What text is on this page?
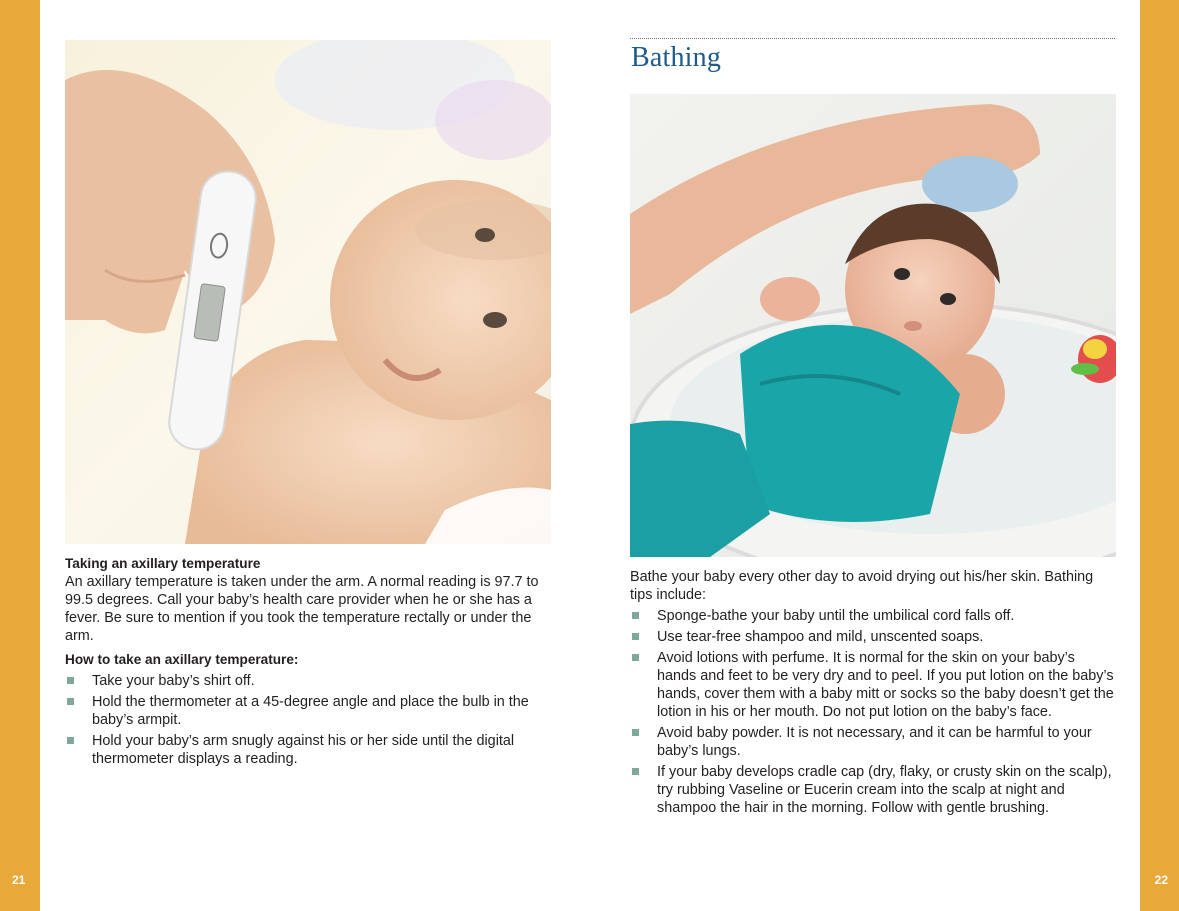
21	22

Taking an axillary temperature

An axillary temperature is taken under the arm. A normal reading is 97.7 to 99.5 degrees. Call your baby’s health care provider when he or she has a fever. Be sure to mention if you took the temperature rectally or under the arm.

How to take an axillary temperature:

Take your baby’s shirt off.
Hold the thermometer at a 45-degree angle and place the bulb in the baby’s armpit.
Hold your baby’s arm snugly against his or her side until the digital thermometer displays a reading.
Bathing

Bathe your baby every other day to avoid drying out his/her skin. Bathing tips include:

Sponge-bathe your baby until the umbilical cord falls off.
Use tear-free shampoo and mild, unscented soaps.
Avoid lotions with perfume. It is normal for the skin on your baby’s hands and feet to be very dry and to peel. If you put lotion on the baby’s hands, cover them with a baby mitt or socks so the baby doesn’t get the lotion in his or her mouth. Do not put lotion on the baby’s face.
Avoid baby powder. It is not necessary, and it can be harmful to your baby’s lungs.
If your baby develops cradle cap (dry, flaky, or crusty skin on the scalp), try rubbing Vaseline or Eucerin cream into the scalp at night and shampoo the hair in the morning. Follow with gentle brushing.
